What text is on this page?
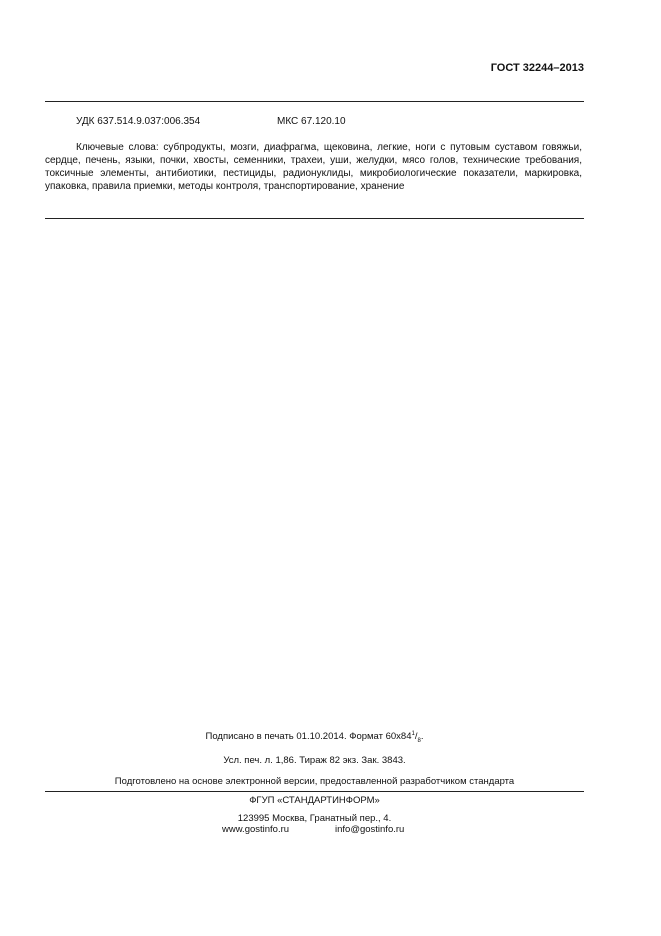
ГОСТ 32244–2013
УДК 637.514.9.037:006.354	МКС 67.120.10
Ключевые слова: субпродукты, мозги, диафрагма, щековина, легкие, ноги с путовым суставом говяжьи, сердце, печень, языки, почки, хвосты, семенники, трахеи, уши, желудки, мясо голов, технические требования, токсичные элементы, антибиотики, пестициды, радионуклиды, микробиологические показатели, маркировка, упаковка, правила приемки, методы контроля, транспортирование, хранение
Подписано в печать 01.10.2014. Формат $60х84^1/_8$.
Усл. печ. л. 1,86. Тираж 82 экз. Зак. 3843.
Подготовлено на основе электронной версии, предоставленной разработчиком стандарта
ФГУП «СТАНДАРТИНФОРМ»
123995 Москва, Гранатный пер., 4.
www.gostinfo.ru	info@gostinfo.ru
